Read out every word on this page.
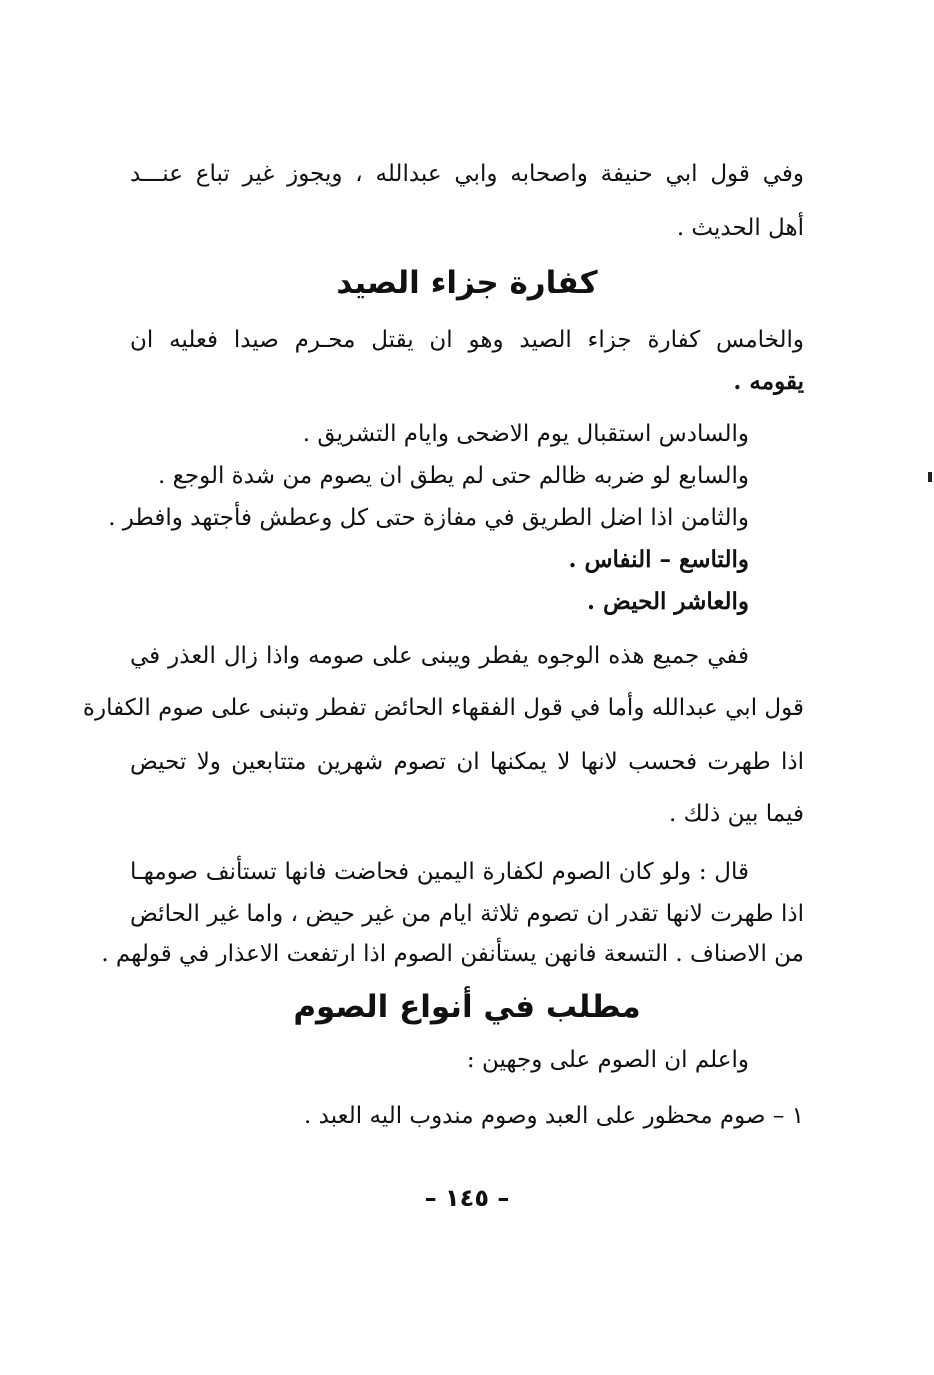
وفي قول ابي حنيفة واصحابه وابي عبدالله ، ويجوز غير تباع عنـــد
أهل الحديث .
كفارة جزاء الصيد
والخامس كفارة جزاء الصيد وهو ان يقتل محـرم صيدا فعليه ان
يقومه .
والسادس استقبال يوم الاضحى وايام التشريق .
والسابع لو ضربه ظالم حتى لم يطق ان يصوم من شدة الوجع .
والثامن اذا اضل الطريق في مفازة حتى كل وعطش فأجتهد وافطر .
والتاسع – النفاس .
والعاشر الحيض .
ففي جميع هذه الوجوه يفطر ويبنى على صومه واذا زال العذر في
قول ابي عبدالله وأما في قول الفقهاء الحائض تفطر وتبنى على صوم الكفارة
اذا طهرت فحسب لانها لا يمكنها ان تصوم شهرين متتابعين ولا تحيض
فيما بين ذلك .
قال : ولو كان الصوم لكفارة اليمين فحاضت فانها تستأنف صومهـا
اذا طهرت لانها تقدر ان تصوم ثلاثة ايام من غير حيض ، واما غير الحائض
من الاصناف . التسعة فانهن يستأنفن الصوم اذا ارتفعت الاعذار في قولهم .
مطلب في أنواع الصوم
واعلم ان الصوم على وجهين :
١ – صوم محظور على العبد وصوم مندوب اليه العبد .
– ١٤٥ –
